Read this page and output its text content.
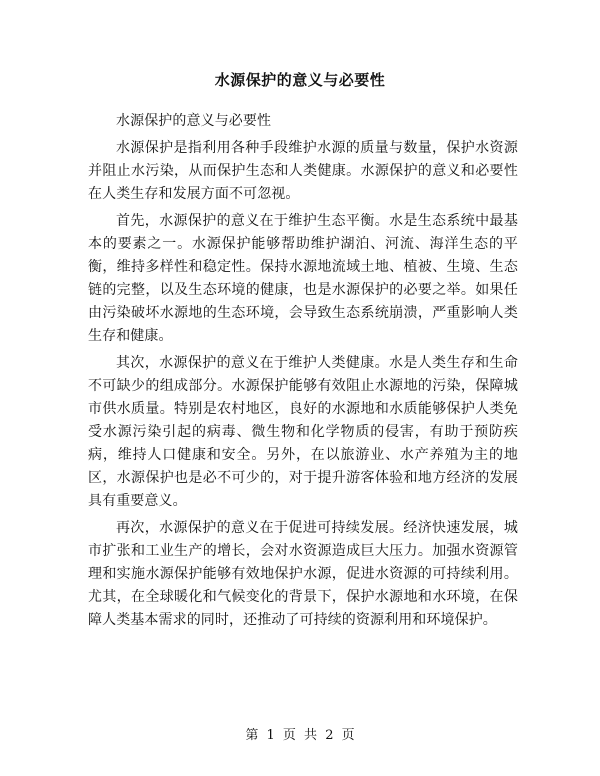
水源保护的意义与必要性

水源保护的意义与必要性

水源保护是指利用各种手段维护水源的质量与数量，保护水资源并阻止水污染，从而保护生态和人类健康。水源保护的意义和必要性在人类生存和发展方面不可忽视。

首先，水源保护的意义在于维护生态平衡。水是生态系统中最基本的要素之一。水源保护能够帮助维护湖泊、河流、海洋生态的平衡，维持多样性和稳定性。保持水源地流域土地、植被、生境、生态链的完整，以及生态环境的健康，也是水源保护的必要之举。如果任由污染破坏水源地的生态环境，会导致生态系统崩溃，严重影响人类生存和健康。

其次，水源保护的意义在于维护人类健康。水是人类生存和生命不可缺少的组成部分。水源保护能够有效阻止水源地的污染，保障城市供水质量。特别是农村地区，良好的水源地和水质能够保护人类免受水源污染引起的病毒、微生物和化学物质的侵害，有助于预防疾病，维持人口健康和安全。另外，在以旅游业、水产养殖为主的地区，水源保护也是必不可少的，对于提升游客体验和地方经济的发展具有重要意义。

再次，水源保护的意义在于促进可持续发展。经济快速发展，城市扩张和工业生产的增长，会对水资源造成巨大压力。加强水资源管理和实施水源保护能够有效地保护水源，促进水资源的可持续利用。尤其，在全球暖化和气候变化的背景下，保护水源地和水环境，在保障人类基本需求的同时，还推动了可持续的资源利用和环境保护。

第 1 页 共 2 页
